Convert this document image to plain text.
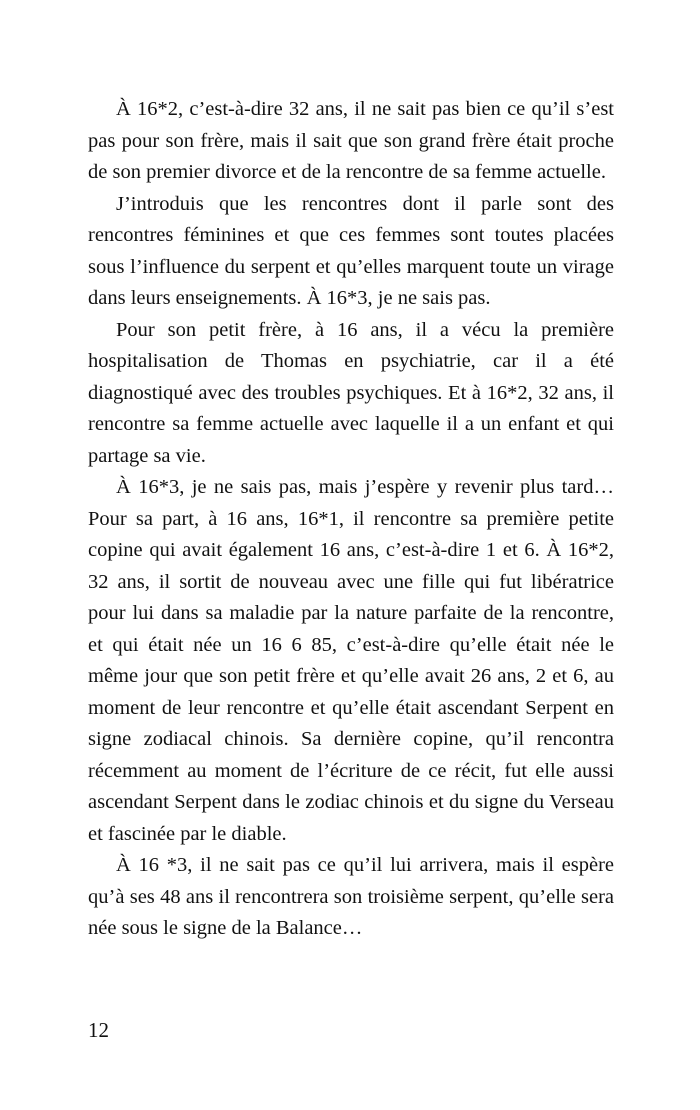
À 16*2, c’est-à-dire 32 ans, il ne sait pas bien ce qu’il s’est pas pour son frère, mais il sait que son grand frère était proche de son premier divorce et de la rencontre de sa femme actuelle.

J’introduis que les rencontres dont il parle sont des rencontres féminines et que ces femmes sont toutes placées sous l’influence du serpent et qu’elles marquent toute un virage dans leurs enseignements. À 16*3, je ne sais pas.

Pour son petit frère, à 16 ans, il a vécu la première hospitalisation de Thomas en psychiatrie, car il a été diagnostiqué avec des troubles psychiques. Et à 16*2, 32 ans, il rencontre sa femme actuelle avec laquelle il a un enfant et qui partage sa vie.

À 16*3, je ne sais pas, mais j’espère y revenir plus tard… Pour sa part, à 16 ans, 16*1, il rencontre sa première petite copine qui avait également 16 ans, c’est-à-dire 1 et 6. À 16*2, 32 ans, il sortit de nouveau avec une fille qui fut libératrice pour lui dans sa maladie par la nature parfaite de la rencontre, et qui était née un 16 6 85, c’est-à-dire qu’elle était née le même jour que son petit frère et qu’elle avait 26 ans, 2 et 6, au moment de leur rencontre et qu’elle était ascendant Serpent en signe zodiacal chinois. Sa dernière copine, qu’il rencontra récemment au moment de l’écriture de ce récit, fut elle aussi ascendant Serpent dans le zodiac chinois et du signe du Verseau et fascinée par le diable.

À 16 *3, il ne sait pas ce qu’il lui arrivera, mais il espère qu’à ses 48 ans il rencontrera son troisième serpent, qu’elle sera née sous le signe de la Balance…

12
